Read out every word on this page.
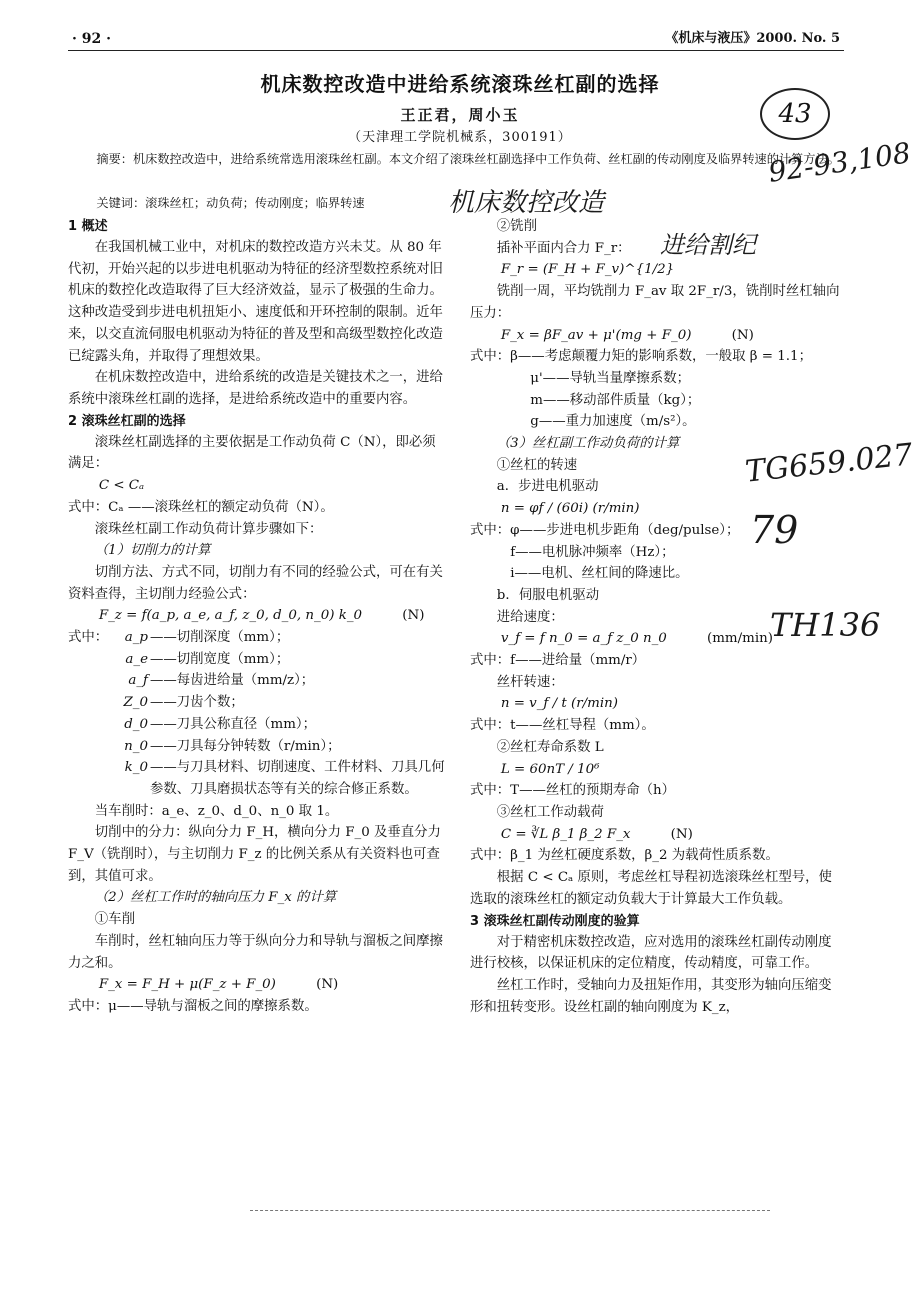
· 92 ·	《机床与液压》2000. No. 5
机床数控改造中进给系统滚珠丝杠副的选择
王正君，周小玉
（天津理工学院机械系，300191）
摘要：机床数控改造中，进给系统常选用滚珠丝杠副。本文介绍了滚珠丝杠副选择中工作负荷、丝杠副的传动刚度及临界转速的计算方法。
关键词：滚珠丝杠；动负荷；传动刚度；临界转速	机床数控改造
进给割纪
92-93,108
43
TG659.027
79
TH136

1 概述

在我国机械工业中，对机床的数控改造方兴未艾。从 80 年代初，开始兴起的以步进电机驱动为特征的经济型数控系统对旧机床的数控化改造取得了巨大经济效益，显示了极强的生命力。这种改造受到步进电机扭矩小、速度低和开环控制的限制。近年来，以交直流伺服电机驱动为特征的普及型和高级型数控化改造已绽露头角，并取得了理想效果。

在机床数控改造中，进给系统的改造是关键技术之一，进给系统中滚珠丝杠副的选择，是进给系统改造中的重要内容。

2 滚珠丝杠副的选择

滚珠丝杠副选择的主要依据是工作动负荷 C（N），即必须满足：

C < Cₐ

式中：Cₐ ——滚珠丝杠的额定动负荷（N）。

滚珠丝杠副工作动负荷计算步骤如下：

（1）切削力的计算

切削方法、方式不同，切削力有不同的经验公式，可在有关资料查得，主切削力经验公式：

F_z = f(a_p, a_e, a_f, z_0, d_0, n_0) k_0	(N)

式中：	a_p ——切削深度（mm）；
a_e ——切削宽度（mm）；
a_f ——每齿进给量（mm/z）；
Z_0 ——刀齿个数；
d_0 ——刀具公称直径（mm）；
n_0 ——刀具每分钟转数（r/min）；
k_0 ——与刀具材料、切削速度、工件材料、刀具几何参数、刀具磨损状态等有关的综合修正系数。

当车削时：a_e、z_0、d_0、n_0 取 1。

切削中的分力：纵向分力 F_H，横向分力 F_0 及垂直分力 F_V（铣削时），与主切削力 F_z 的比例关系从有关资料也可查到，其值可求。

（2）丝杠工作时的轴向压力 F_x 的计算

①车削

车削时，丝杠轴向压力等于纵向分力和导轨与溜板之间摩擦力之和。

F_x = F_H + μ(F_z + F_0)	(N)

式中：μ——导轨与溜板之间的摩擦系数。

②铣削

插补平面内合力 F_r：

F_r = (F_H + F_v)^{1/2}

铣削一周，平均铣削力 F_av 取 2F_r/3，铣削时丝杠轴向压力：

F_x = βF_av + μ'(mg + F_0)	(N)

式中：β——考虑颠覆力矩的影响系数，一般取 β = 1.1；

μ'——导轨当量摩擦系数；

m——移动部件质量（kg）；

g——重力加速度（m/s²）。

（3）丝杠副工作动负荷的计算

①丝杠的转速

a．步进电机驱动

n = φf / (60i) (r/min)

式中：φ——步进电机步距角（deg/pulse）；

f——电机脉冲频率（Hz）；

i——电机、丝杠间的降速比。

b．伺服电机驱动

进给速度：

v_f = f n_0 = a_f z_0 n_0	(mm/min)

式中：f——进给量（mm/r）

丝杆转速：

n = v_f / t (r/min)

式中：t——丝杠导程（mm）。

②丝杠寿命系数 L

L = 60nT / 10⁶

式中：T——丝杠的预期寿命（h）

③丝杠工作动载荷

C = ∛L β_1 β_2 F_x	(N)

式中：β_1 为丝杠硬度系数，β_2 为载荷性质系数。

根据 C < Cₐ 原则，考虑丝杠导程初选滚珠丝杠型号，使选取的滚珠丝杠的额定动负载大于计算最大工作负载。

3 滚珠丝杠副传动刚度的验算

对于精密机床数控改造，应对选用的滚珠丝杠副传动刚度进行校核，以保证机床的定位精度，传动精度，可靠工作。

丝杠工作时，受轴向力及扭矩作用，其变形为轴向压缩变形和扭转变形。设丝杠副的轴向刚度为 K_z，
